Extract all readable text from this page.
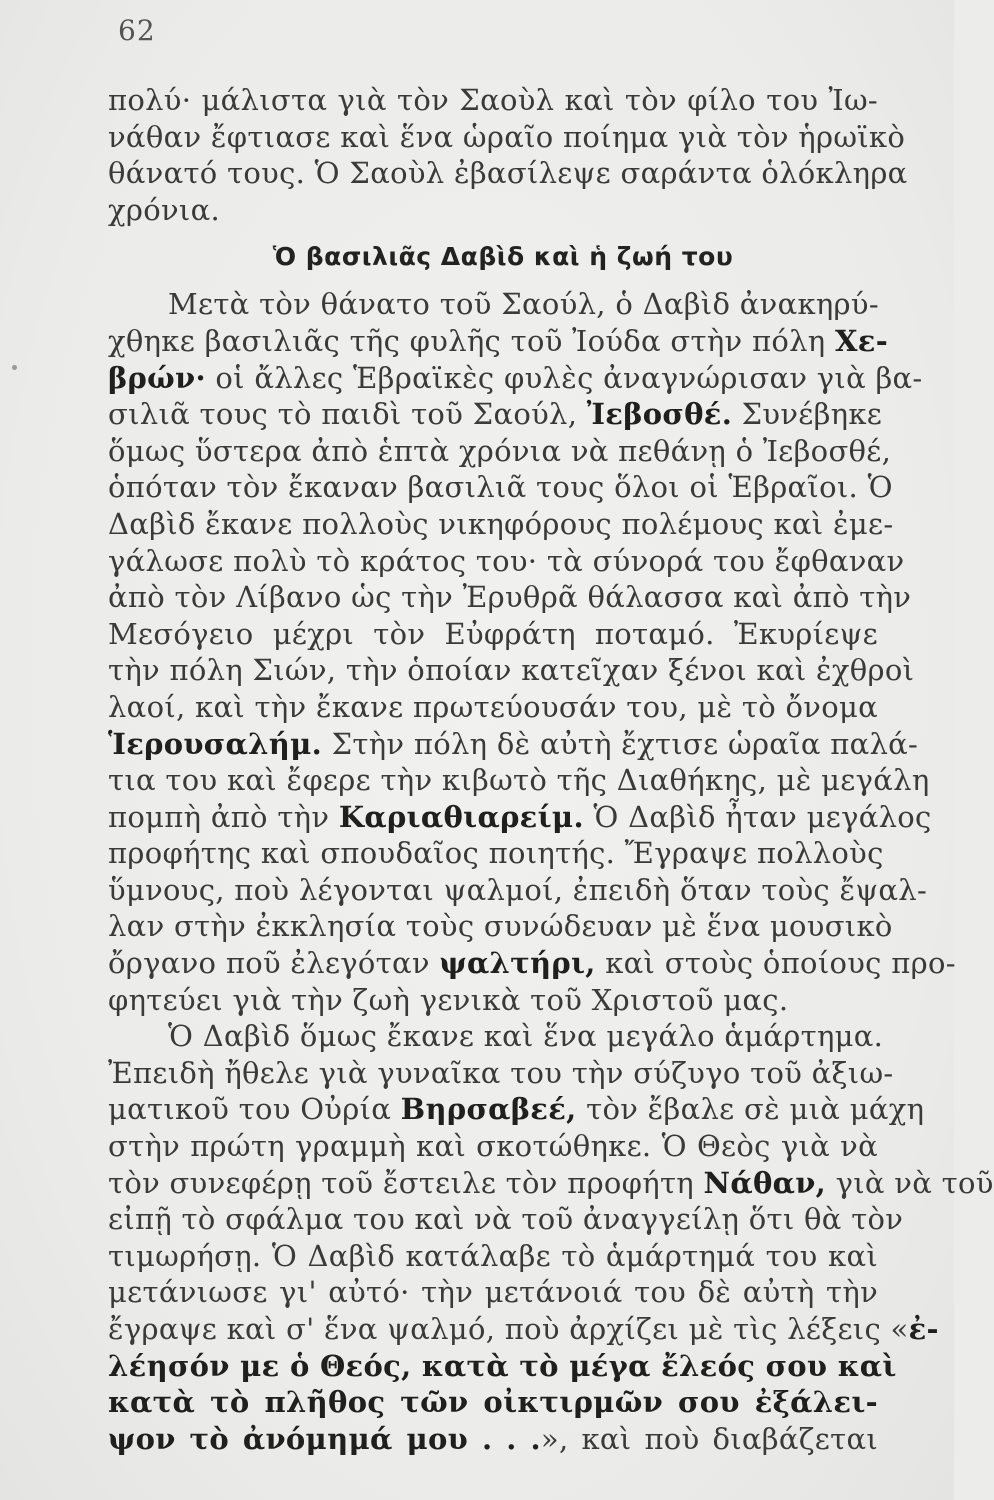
62
πολύ· μάλιστα γιὰ τὸν Σαοὺλ καὶ τὸν φίλο του Ἰω-
νάθαν ἔφτιασε καὶ ἕνα ὡραῖο ποίημα γιὰ τὸν ἡρωϊκὸ
θάνατό τους. Ὁ Σαοὺλ ἐβασίλεψε σαράντα ὁλόκληρα
χρόνια.
Ὁ βασιλιᾶς Δαβὶδ καὶ ἡ ζωή του
Μετὰ τὸν θάνατο τοῦ Σαούλ, ὁ Δαβὶδ ἀνακηρύ-
χθηκε βασιλιᾶς τῆς φυλῆς τοῦ Ἰούδα στὴν πόλη Χε-
βρών· οἱ ἄλλες Ἑβραϊκὲς φυλὲς ἀναγνώρισαν γιὰ βα-
σιλιᾶ τους τὸ παιδὶ τοῦ Σαούλ, Ἰεβοσθέ. Συνέβηκε
ὅμως ὕστερα ἀπὸ ἑπτὰ χρόνια νὰ πεθάνῃ ὁ Ἰεβοσθέ,
ὁπόταν τὸν ἔκαναν βασιλιᾶ τους ὅλοι οἱ Ἑβραῖοι. Ὁ
Δαβὶδ ἔκανε πολλοὺς νικηφόρους πολέμους καὶ ἐμε-
γάλωσε πολὺ τὸ κράτος του· τὰ σύνορά του ἔφθαναν
ἀπὸ τὸν Λίβανο ὡς τὴν Ἐρυθρᾶ θάλασσα καὶ ἀπὸ τὴν
Μεσόγειο μέχρι τὸν Εὐφράτη ποταμό. Ἐκυρίεψε
τὴν πόλη Σιών, τὴν ὁποίαν κατεῖχαν ξένοι καὶ ἐχθροὶ
λαοί, καὶ τὴν ἔκανε πρωτεύουσάν του, μὲ τὸ ὄνομα
Ἱερουσαλήμ. Στὴν πόλη δὲ αὐτὴ ἔχτισε ὡραῖα παλά-
τια του καὶ ἔφερε τὴν κιβωτὸ τῆς Διαθήκης, μὲ μεγάλη
πομπὴ ἀπὸ τὴν Καριαθιαρείμ. Ὁ Δαβὶδ ἦταν μεγάλος
προφήτης καὶ σπουδαῖος ποιητής. Ἔγραψε πολλοὺς
ὕμνους, ποὺ λέγονται ψαλμοί, ἐπειδὴ ὅταν τοὺς ἔψαλ-
λαν στὴν ἐκκλησία τοὺς συνώδευαν μὲ ἕνα μουσικὸ
ὄργανο ποῦ ἐλεγόταν ψαλτήρι, καὶ στοὺς ὁποίους προ-
φητεύει γιὰ τὴν ζωὴ γενικὰ τοῦ Χριστοῦ μας.
Ὁ Δαβὶδ ὅμως ἔκανε καὶ ἕνα μεγάλο ἁμάρτημα.
Ἐπειδὴ ἤθελε γιὰ γυναῖκα του τὴν σύζυγο τοῦ ἀξιω-
ματικοῦ του Οὐρία Βηρσαβεέ, τὸν ἔβαλε σὲ μιὰ μάχη
στὴν πρώτη γραμμὴ καὶ σκοτώθηκε. Ὁ Θεὸς γιὰ νὰ
τὸν συνεφέρῃ τοῦ ἔστειλε τὸν προφήτη Νάθαν, γιὰ νὰ τοῦ
εἰπῇ τὸ σφάλμα του καὶ νὰ τοῦ ἀναγγείλῃ ὅτι θὰ τὸν
τιμωρήσῃ. Ὁ Δαβὶδ κατάλαβε τὸ ἁμάρτημά του καὶ
μετάνιωσε γι' αὐτό· τὴν μετάνοιά του δὲ αὐτὴ τὴν
ἔγραψε καὶ σ' ἕνα ψαλμό, ποὺ ἀρχίζει μὲ τὶς λέξεις «ἐ-
λέησόν με ὁ Θεός, κατὰ τὸ μέγα ἔλεός σου καὶ
κατὰ τὸ πλῆθος τῶν οἰκτιρμῶν σου ἐξάλει-
ψον τὸ ἀνόμημά μου . . .», καὶ ποὺ διαβάζεται
